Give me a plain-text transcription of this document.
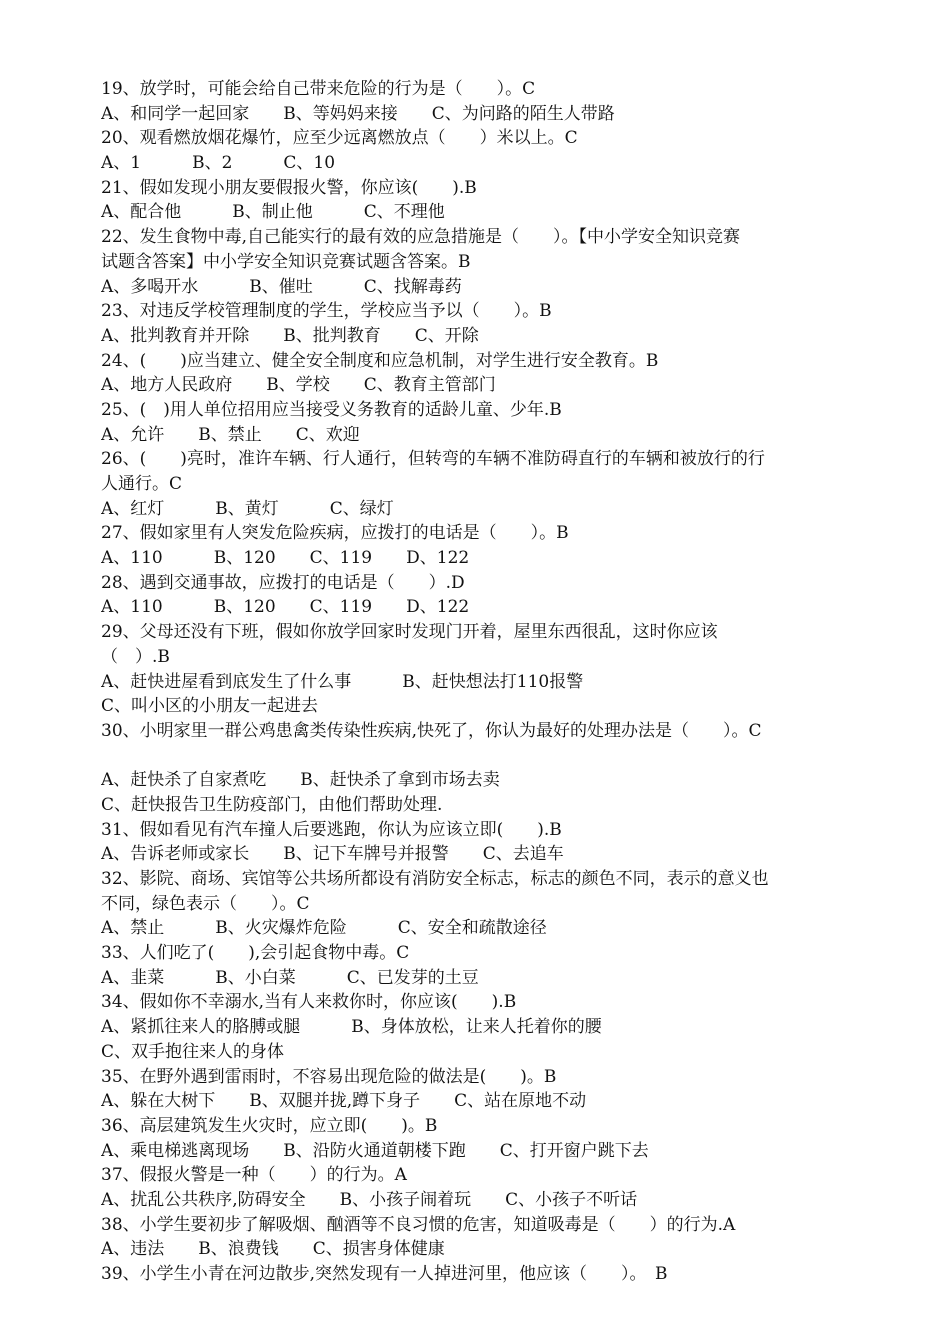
19、放学时，可能会给自己带来危险的行为是（　　）。C
A、和同学一起回家　　B、等妈妈来接　　C、为问路的陌生人带路
20、观看燃放烟花爆竹，应至少远离燃放点（　　）米以上。C
A、1　　　B、2　　　C、10
21、假如发现小朋友要假报火警，你应该(　　).B
A、配合他　　　B、制止他　　　C、不理他
22、发生食物中毒,自己能实行的最有效的应急措施是（　　）。【中小学安全知识竞赛
试题含答案】中小学安全知识竞赛试题含答案。B
A、多喝开水　　　B、催吐　　　C、找解毒药
23、对违反学校管理制度的学生，学校应当予以（　　）。B
A、批判教育并开除　　B、批判教育　　C、开除
24、(　　)应当建立、健全安全制度和应急机制，对学生进行安全教育。B
A、地方人民政府　　B、学校　　C、教育主管部门
25、(　)用人单位招用应当接受义务教育的适龄儿童、少年.B
A、允许　　B、禁止　　C、欢迎
26、(　　)亮时，准许车辆、行人通行，但转弯的车辆不准防碍直行的车辆和被放行的行
人通行。C
A、红灯　　　B、黄灯　　　C、绿灯
27、假如家里有人突发危险疾病，应拨打的电话是（　　）。B
A、110　　　B、120　　C、119　　D、122
28、遇到交通事故，应拨打的电话是（　　）.D
A、110　　　B、120　　C、119　　D、122
29、父母还没有下班，假如你放学回家时发现门开着，屋里东西很乱，这时你应该
（　）.B
A、赶快进屋看到底发生了什么事　　　B、赶快想法打110报警
C、叫小区的小朋友一起进去
30、小明家里一群公鸡患禽类传染性疾病,快死了，你认为最好的处理办法是（　　）。C
A、赶快杀了自家煮吃　　B、赶快杀了拿到市场去卖
C、赶快报告卫生防疫部门，由他们帮助处理.
31、假如看见有汽车撞人后要逃跑，你认为应该立即(　　).B
A、告诉老师或家长　　B、记下车牌号并报警　　C、去追车
32、影院、商场、宾馆等公共场所都设有消防安全标志，标志的颜色不同，表示的意义也
不同，绿色表示（　　）。C
A、禁止　　　B、火灾爆炸危险　　　C、安全和疏散途径
33、人们吃了(　　),会引起食物中毒。C
A、韭菜　　　B、小白菜　　　C、已发芽的土豆
34、假如你不幸溺水,当有人来救你时，你应该(　　).B
A、紧抓往来人的胳膊或腿　　　B、身体放松，让来人托着你的腰
C、双手抱往来人的身体
35、在野外遇到雷雨时，不容易出现危险的做法是(　　)。B
A、躲在大树下　　B、双腿并拢,蹲下身子　　C、站在原地不动
36、高层建筑发生火灾时，应立即(　　)。B
A、乘电梯逃离现场　　B、沿防火通道朝楼下跑　　C、打开窗户跳下去
37、假报火警是一种（　　）的行为。A
A、扰乱公共秩序,防碍安全　　B、小孩子闹着玩　　C、小孩子不听话
38、小学生要初步了解吸烟、酗酒等不良习惯的危害，知道吸毒是（　　）的行为.A
A、违法　　B、浪费钱　　C、损害身体健康
39、小学生小青在河边散步,突然发现有一人掉进河里，他应该（　　）。　B
